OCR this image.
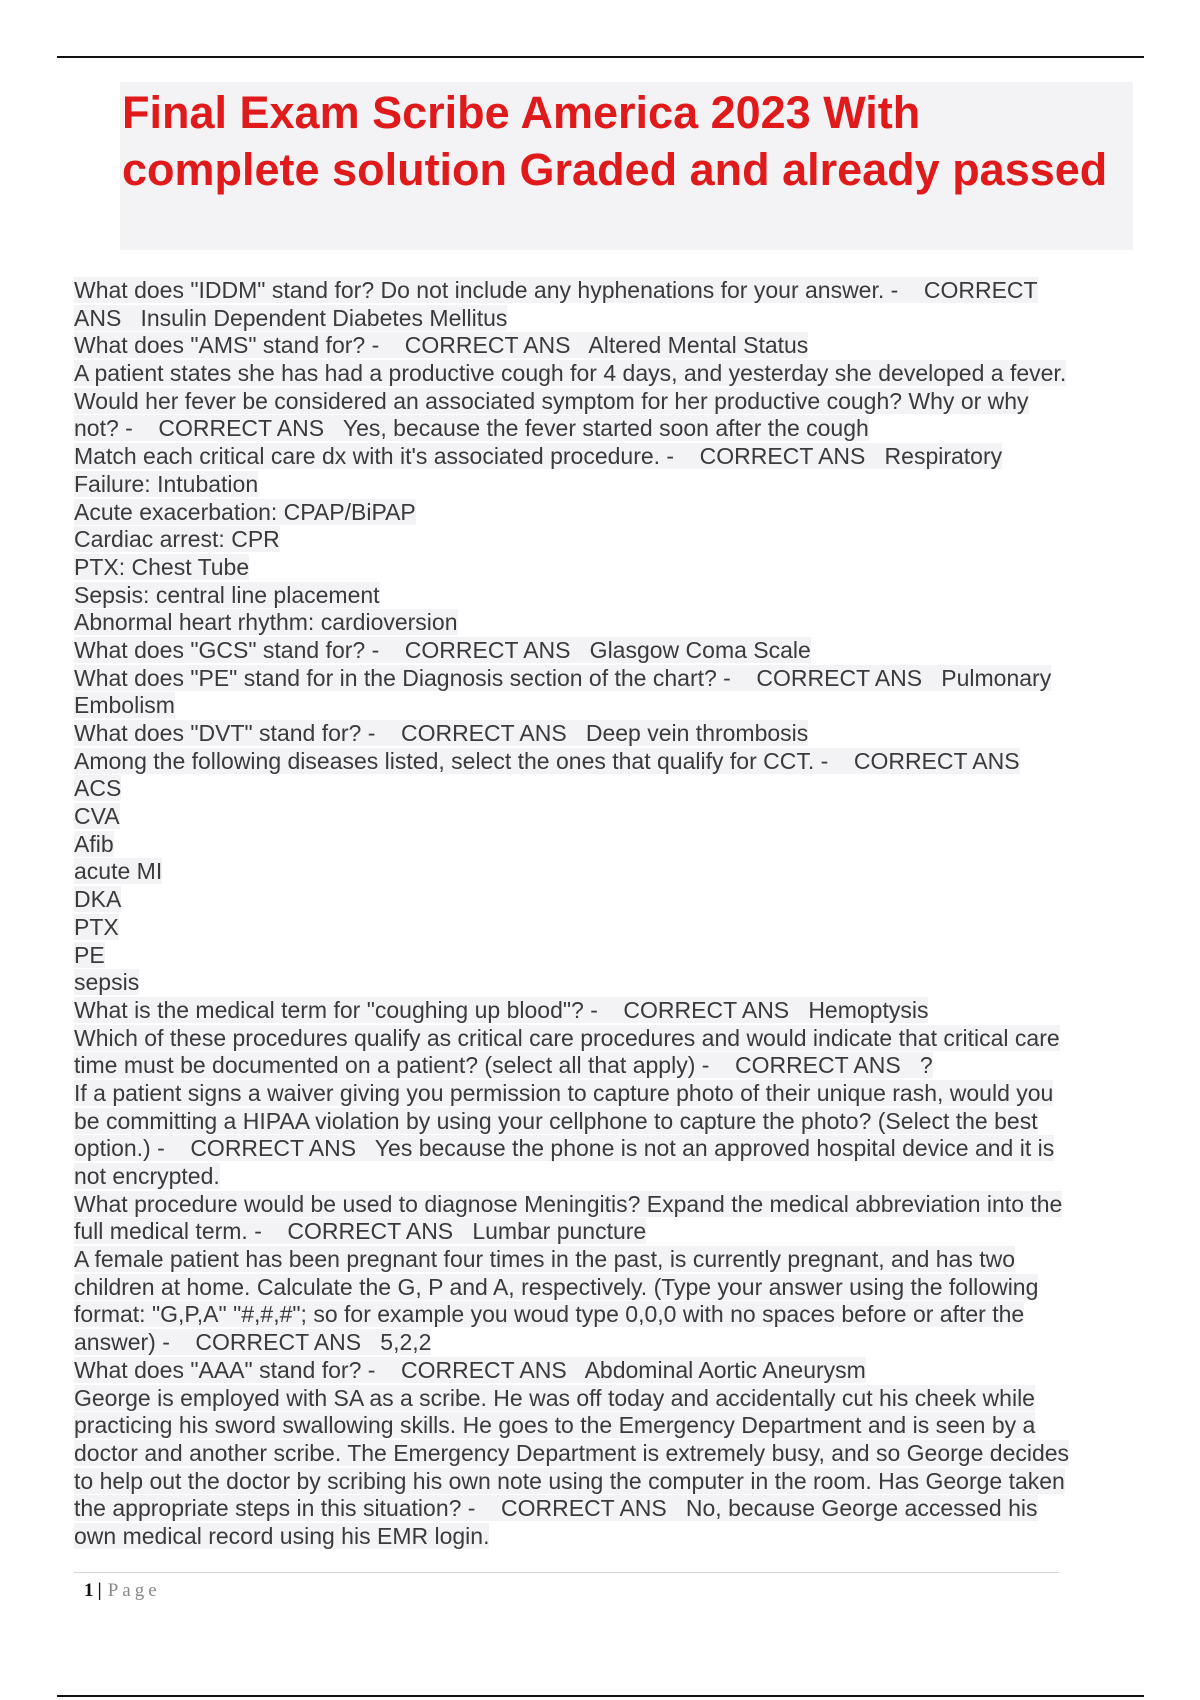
Final Exam Scribe America 2023 With complete solution Graded and already passed
What does "IDDM" stand for? Do not include any hyphenations for your answer. -    CORRECT
ANS   Insulin Dependent Diabetes Mellitus
What does "AMS" stand for? -    CORRECT ANS   Altered Mental Status
A patient states she has had a productive cough for 4 days, and yesterday she developed a fever.
Would her fever be considered an associated symptom for her productive cough? Why or why
not? -    CORRECT ANS   Yes, because the fever started soon after the cough
Match each critical care dx with it's associated procedure. -    CORRECT ANS   Respiratory
Failure: Intubation
Acute exacerbation: CPAP/BiPAP
Cardiac arrest: CPR
PTX: Chest Tube
Sepsis: central line placement
Abnormal heart rhythm: cardioversion
What does "GCS" stand for? -    CORRECT ANS   Glasgow Coma Scale
What does "PE" stand for in the Diagnosis section of the chart? -    CORRECT ANS   Pulmonary
Embolism
What does "DVT" stand for? -    CORRECT ANS   Deep vein thrombosis
Among the following diseases listed, select the ones that qualify for CCT. -    CORRECT ANS
ACS
CVA
Afib
acute MI
DKA
PTX
PE
sepsis
What is the medical term for "coughing up blood"? -    CORRECT ANS   Hemoptysis
Which of these procedures qualify as critical care procedures and would indicate that critical care
time must be documented on a patient? (select all that apply) -    CORRECT ANS   ?
If a patient signs a waiver giving you permission to capture photo of their unique rash, would you
be committing a HIPAA violation by using your cellphone to capture the photo? (Select the best
option.) -    CORRECT ANS   Yes because the phone is not an approved hospital device and it is
not encrypted.
What procedure would be used to diagnose Meningitis? Expand the medical abbreviation into the
full medical term. -    CORRECT ANS   Lumbar puncture
A female patient has been pregnant four times in the past, is currently pregnant, and has two
children at home. Calculate the G, P and A, respectively. (Type your answer using the following
format: "G,P,A" "#,#,#"; so for example you woud type 0,0,0 with no spaces before or after the
answer) -    CORRECT ANS   5,2,2
What does "AAA" stand for? -    CORRECT ANS   Abdominal Aortic Aneurysm
George is employed with SA as a scribe. He was off today and accidentally cut his cheek while
practicing his sword swallowing skills. He goes to the Emergency Department and is seen by a
doctor and another scribe. The Emergency Department is extremely busy, and so George decides
to help out the doctor by scribing his own note using the computer in the room. Has George taken
the appropriate steps in this situation? -    CORRECT ANS   No, because George accessed his
own medical record using his EMR login.
1 | Page
